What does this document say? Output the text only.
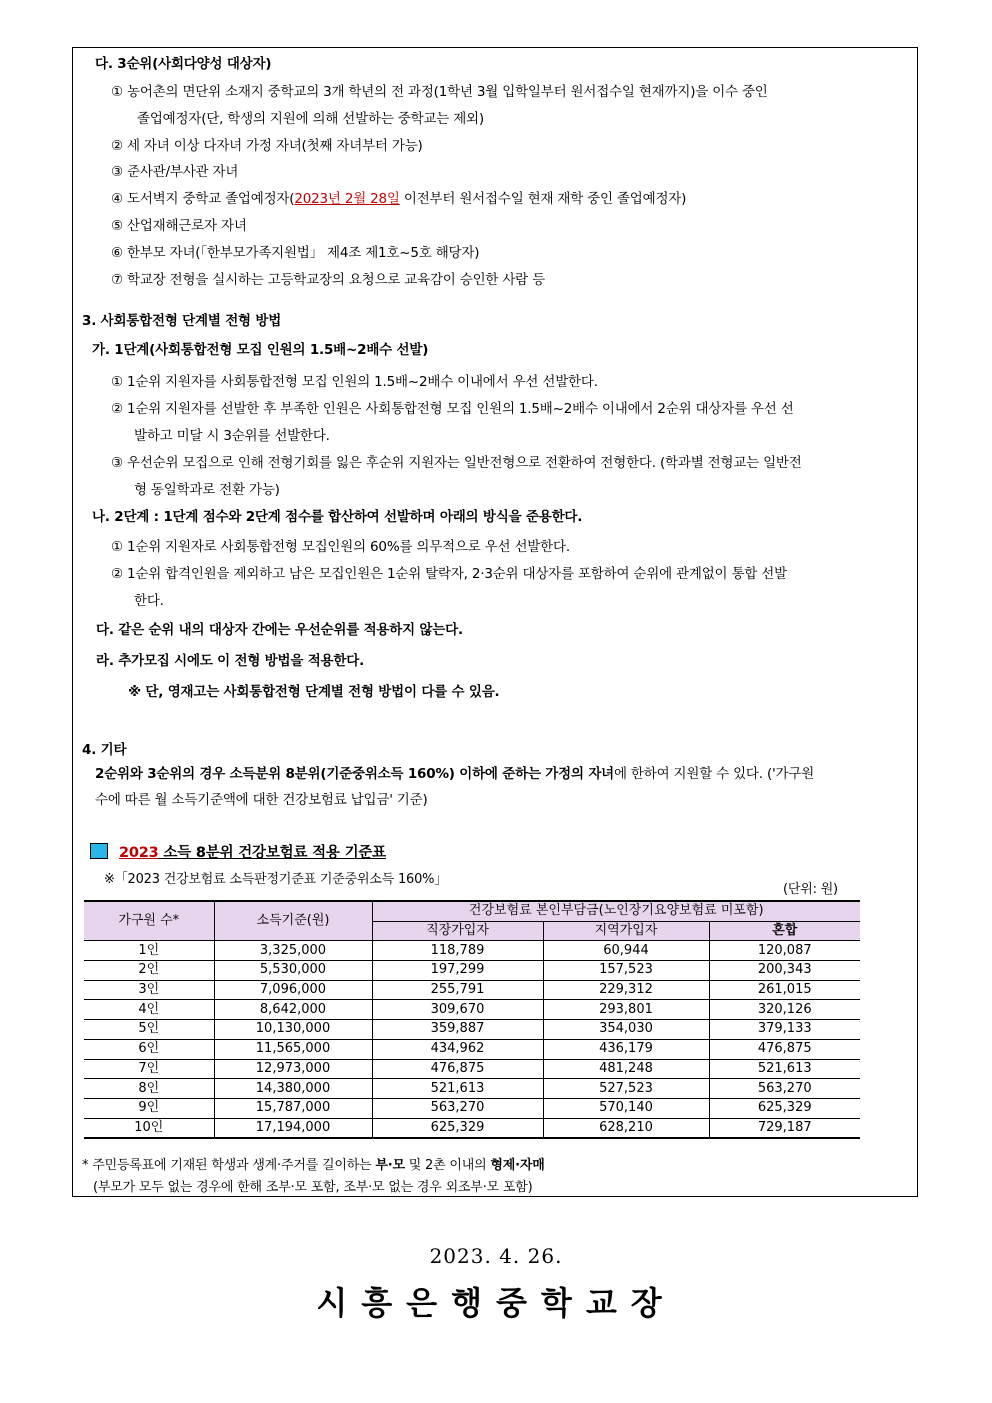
다. 3순위(사회다양성 대상자)
① 농어촌의 면단위 소재지 중학교의 3개 학년의 전 과정(1학년 3월 입학일부터 원서접수일 현재까지)을 이수 중인
졸업예정자(단, 학생의 지원에 의해 선발하는 중학교는 제외)
② 세 자녀 이상 다자녀 가정 자녀(첫째 자녀부터 가능)
③ 준사관/부사관 자녀
④ 도서벽지 중학교 졸업예정자(2023년 2월 28일 이전부터 원서접수일 현재 재학 중인 졸업예정자)
⑤ 산업재해근로자 자녀
⑥ 한부모 자녀(「한부모가족지원법」 제4조 제1호~5호 해당자)
⑦ 학교장 전형을 실시하는 고등학교장의 요청으로 교육감이 승인한 사람 등
3. 사회통합전형 단계별 전형 방법
가. 1단계(사회통합전형 모집 인원의 1.5배~2배수 선발)
① 1순위 지원자를 사회통합전형 모집 인원의 1.5배~2배수 이내에서 우선 선발한다.
② 1순위 지원자를 선발한 후 부족한 인원은 사회통합전형 모집 인원의 1.5배~2배수 이내에서 2순위 대상자를 우선 선
발하고 미달 시 3순위를 선발한다.
③ 우선순위 모집으로 인해 전형기회를 잃은 후순위 지원자는 일반전형으로 전환하여 전형한다. (학과별 전형교는 일반전
형 동일학과로 전환 가능)
나. 2단계 : 1단계 점수와 2단계 점수를 합산하여 선발하며 아래의 방식을 준용한다.
① 1순위 지원자로 사회통합전형 모집인원의 60%를 의무적으로 우선 선발한다.
② 1순위 합격인원을 제외하고 남은 모집인원은 1순위 탈락자, 2·3순위 대상자를 포함하여 순위에 관계없이 통합 선발
한다.
다. 같은 순위 내의 대상자 간에는 우선순위를 적용하지 않는다.
라. 추가모집 시에도 이 전형 방법을 적용한다.
※ 단, 영재고는 사회통합전형 단계별 전형 방법이 다를 수 있음.
4. 기타
2순위와 3순위의 경우 소득분위 8분위(기준중위소득 160%) 이하에 준하는 가정의 자녀에 한하여 지원할 수 있다. ('가구원
수에 따른 월 소득기준액에 대한 건강보험료 납입금' 기준)
2023 소득 8분위 건강보험료 적용 기준표
※「2023 건강보험료 소득판정기준표 기준중위소득 160%」
(단위: 원)
가구원 수*	소득기준(원)	건강보험료 본인부담금(노인장기요양보험료 미포함)		
		직장가입자	지역가입자	혼합
1인	3,325,000	118,789	60,944	120,087
2인	5,530,000	197,299	157,523	200,343
3인	7,096,000	255,791	229,312	261,015
4인	8,642,000	309,670	293,801	320,126
5인	10,130,000	359,887	354,030	379,133
6인	11,565,000	434,962	436,179	476,875
7인	12,973,000	476,875	481,248	521,613
8인	14,380,000	521,613	527,523	563,270
9인	15,787,000	563,270	570,140	625,329
10인	17,194,000	625,329	628,210	729,187
* 주민등록표에 기재된 학생과 생계·주거를 길이하는 부·모 및 2촌 이내의 형제·자매
(부모가 모두 없는 경우에 한해 조부·모 포함, 조부·모 없는 경우 외조부·모 포함)
2023. 4. 26.
시흥은행중학교장
